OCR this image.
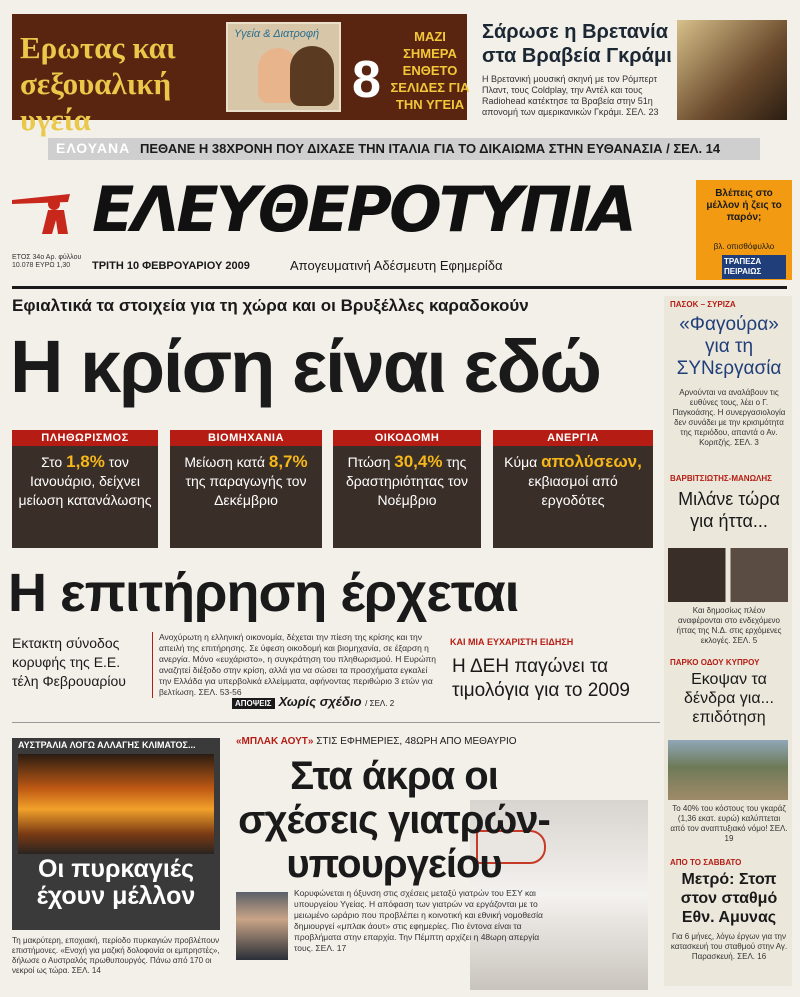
Ερωτας και σεξουαλική υγεία
Υγεία & Διατροφή
8
ΜΑΖΙ ΣΗΜΕΡΑ ΕΝΘΕΤΟ ΣΕΛΙΔΕΣ ΓΙΑ ΤΗΝ ΥΓΕΙΑ
Σάρωσε η Βρετανία στα Βραβεία Γκράμι
Η Βρετανική μουσική σκηνή με τον Ρόμπερτ Πλαντ, τους Coldplay, την Αντέλ και τους Radiohead κατέκτησε τα Βραβεία στην 51η απονομή των αμερικανικών Γκράμι. ΣΕΛ. 23
ΕΛΟΥΑΝΑ ΠΕΘΑΝΕ Η 38ΧΡΟΝΗ ΠΟΥ ΔΙΧΑΣΕ ΤΗΝ ΙΤΑΛΙΑ ΓΙΑ ΤΟ ΔΙΚΑΙΩΜΑ ΣΤΗΝ ΕΥΘΑΝΑΣΙΑ / ΣΕΛ. 14
ΕΛΕΥΘΕΡΟΤΥΠΙΑ	Βλέπεις στο μέλλον ή ζεις το παρόν;
βλ. οπισθόφυλλο
ΤΡΑΠΕΖΑ ΠΕΙΡΑΙΩΣ
ΕΤΟΣ 34ο Αρ. φύλλου 10.078 ΕΥΡΩ 1,30	ΤΡΙΤΗ 10 ΦΕΒΡΟΥΑΡΙΟΥ 2009	Απογευματινή Αδέσμευτη Εφημερίδα
Εφιαλτικά τα στοιχεία για τη χώρα και οι Βρυξέλλες καραδοκούν
Η κρίση είναι εδώ
ΠΛΗΘΩΡΙΣΜΟΣ
Στο 1,8% τον Ιανουάριο, δείχνει μείωση κατανάλωσης
ΒΙΟΜΗΧΑΝΙΑ
Μείωση κατά 8,7% της παραγωγής τον Δεκέμβριο
ΟΙΚΟΔΟΜΗ
Πτώση 30,4% της δραστηριότητας τον Νοέμβριο
ΑΝΕΡΓΙΑ
Κύμα απολύσεων, εκβιασμοί από εργοδότες
Η επιτήρηση έρχεται
Εκτακτη σύνοδος κορυφής της Ε.Ε. τέλη Φεβρουαρίου
Ανοχύρωτη η ελληνική οικονομία, δέχεται την πίεση της κρίσης και την απειλή της επιτήρησης. Σε ύφεση οικοδομή και βιομηχανία, σε έξαρση η ανεργία. Μόνο «ευχάριστο», η συγκράτηση του πληθωρισμού. Η Ευρώπη αναζητεί διέξοδο στην κρίση, αλλά για να σώσει τα προσχήματα εγκαλεί την Ελλάδα για υπερβολικά ελλείμματα, αφήνοντας περιθώριο 3 ετών για βελτίωση. ΣΕΛ. 53-56
ΑΠΟΨΕΙΣ Χωρίς σχέδιο / ΣΕΛ. 2
ΚΑΙ ΜΙΑ ΕΥΧΑΡΙΣΤΗ ΕΙΔΗΣΗ
Η ΔΕΗ παγώνει τα τιμολόγια για το 2009
ΑΥΣΤΡΑΛΙΑ ΛΟΓΩ ΑΛΛΑΓΗΣ ΚΛΙΜΑΤΟΣ...
Οι πυρκαγιές έχουν μέλλον
Τη μακρύτερη, εποχιακή, περίοδο πυρκαγιών προβλέπουν επιστήμονες. «Ενοχή για μαζική δολοφονία οι εμπρηστές», δήλωσε ο Αυστραλός πρωθυπουργός. Πάνω από 170 οι νεκροί ως τώρα. ΣΕΛ. 14
«ΜΠΛΑΚ ΑΟΥΤ» ΣΤΙΣ ΕΦΗΜΕΡΙΕΣ, 48ΩΡΗ ΑΠΟ ΜΕΘΑΥΡΙΟ
Στα άκρα οι σχέσεις γιατρών-υπουργείου
Κορυφώνεται η όξυνση στις σχέσεις μεταξύ γιατρών του ΕΣΥ και υπουργείου Υγείας. Η απόφαση των γιατρών να εργάζονται με το μειωμένο ωράριο που προβλέπει η κοινοτική και εθνική νομοθεσία δημιουργεί «μπλακ άουτ» στις εφημερίες. Πιο έντονα είναι τα προβλήματα στην επαρχία. Την Πέμπτη αρχίζει η 48ωρη απεργία τους. ΣΕΛ. 17
ΠΑΣΟΚ – ΣΥΡΙΖΑ
«Φαγούρα» για τη ΣΥΝεργασία
Αρνούνται να αναλάβουν τις ευθύνες τους, λέει ο Γ. Παγκοάσης. Η συνεργασιολογία δεν συνάδει με την κρισιμότητα της περιόδου, απαντά ο Αν. Κοριτζής. ΣΕΛ. 3
ΒΑΡΒΙΤΣΙΩΤΗΣ-ΜΑΝΩΛΗΣ
Μιλάνε τώρα για ήττα...
Και δημοσίως πλέον αναφέρονται στο ενδεχόμενο ήττας της Ν.Δ. στις ερχόμενες εκλογές. ΣΕΛ. 5
ΠΑΡΚΟ ΟΔΟΥ ΚΥΠΡΟΥ
Εκοψαν τα δένδρα για... επιδότηση
Το 40% του κόστους του γκαράζ (1,36 εκατ. ευρώ) καλύπτεται από τον αναπτυξιακό νόμο! ΣΕΛ. 19
ΑΠΟ ΤΟ ΣΑΒΒΑΤΟ
Μετρό: Στοπ στον σταθμό Εθν. Αμυνας
Για 6 μήνες, λόγω έργων για την κατασκευή του σταθμού στην Αγ. Παρασκευή. ΣΕΛ. 16
